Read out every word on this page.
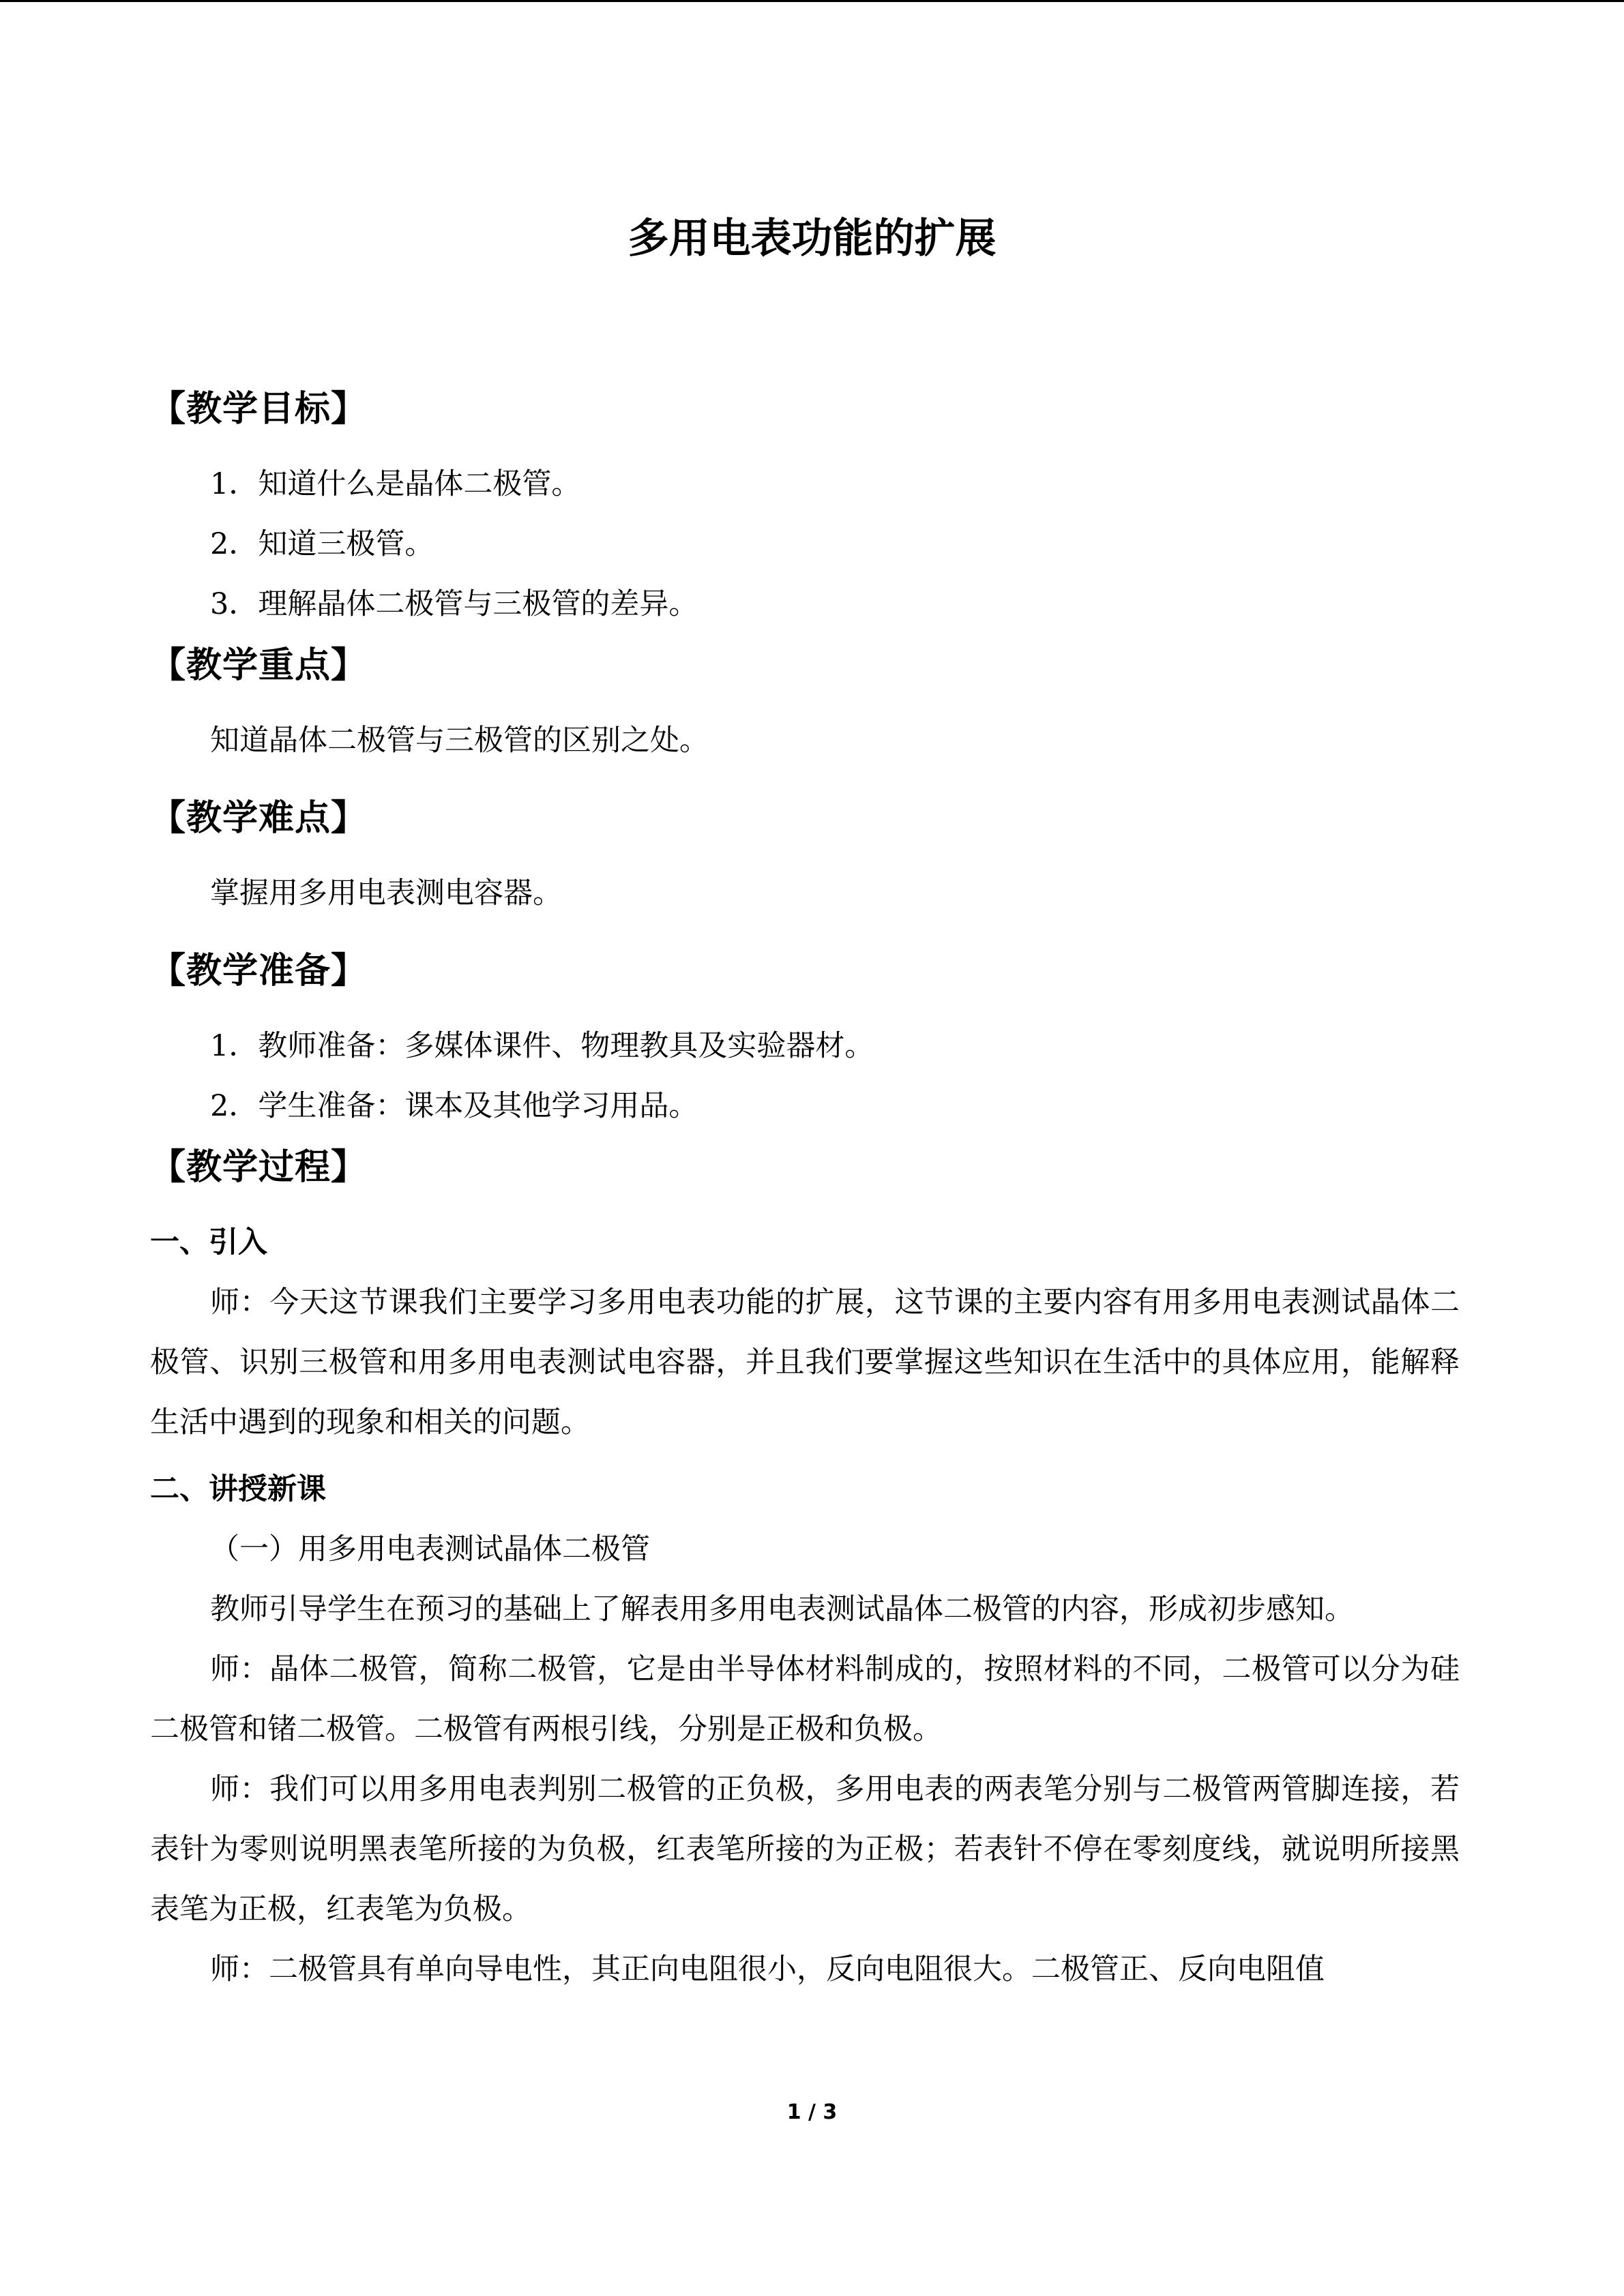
多用电表功能的扩展
【教学目标】

1．知道什么是晶体二极管。

2．知道三极管。

3．理解晶体二极管与三极管的差异。

【教学重点】

知道晶体二极管与三极管的区别之处。

【教学难点】

掌握用多用电表测电容器。

【教学准备】

1．教师准备：多媒体课件、物理教具及实验器材。

2．学生准备：课本及其他学习用品。

【教学过程】
一、引入

师：今天这节课我们主要学习多用电表功能的扩展，这节课的主要内容有用多用电表测试晶体二极管、识别三极管和用多用电表测试电容器，并且我们要掌握这些知识在生活中的具体应用，能解释生活中遇到的现象和相关的问题。

二、讲授新课

（一）用多用电表测试晶体二极管

教师引导学生在预习的基础上了解表用多用电表测试晶体二极管的内容，形成初步感知。

师：晶体二极管，简称二极管，它是由半导体材料制成的，按照材料的不同，二极管可以分为硅二极管和锗二极管。二极管有两根引线，分别是正极和负极。

师：我们可以用多用电表判别二极管的正负极，多用电表的两表笔分别与二极管两管脚连接，若表针为零则说明黑表笔所接的为负极，红表笔所接的为正极；若表针不停在零刻度线，就说明所接黑表笔为正极，红表笔为负极。

师：二极管具有单向导电性，其正向电阻很小，反向电阻很大。二极管正、反向电阻值

1 / 3
